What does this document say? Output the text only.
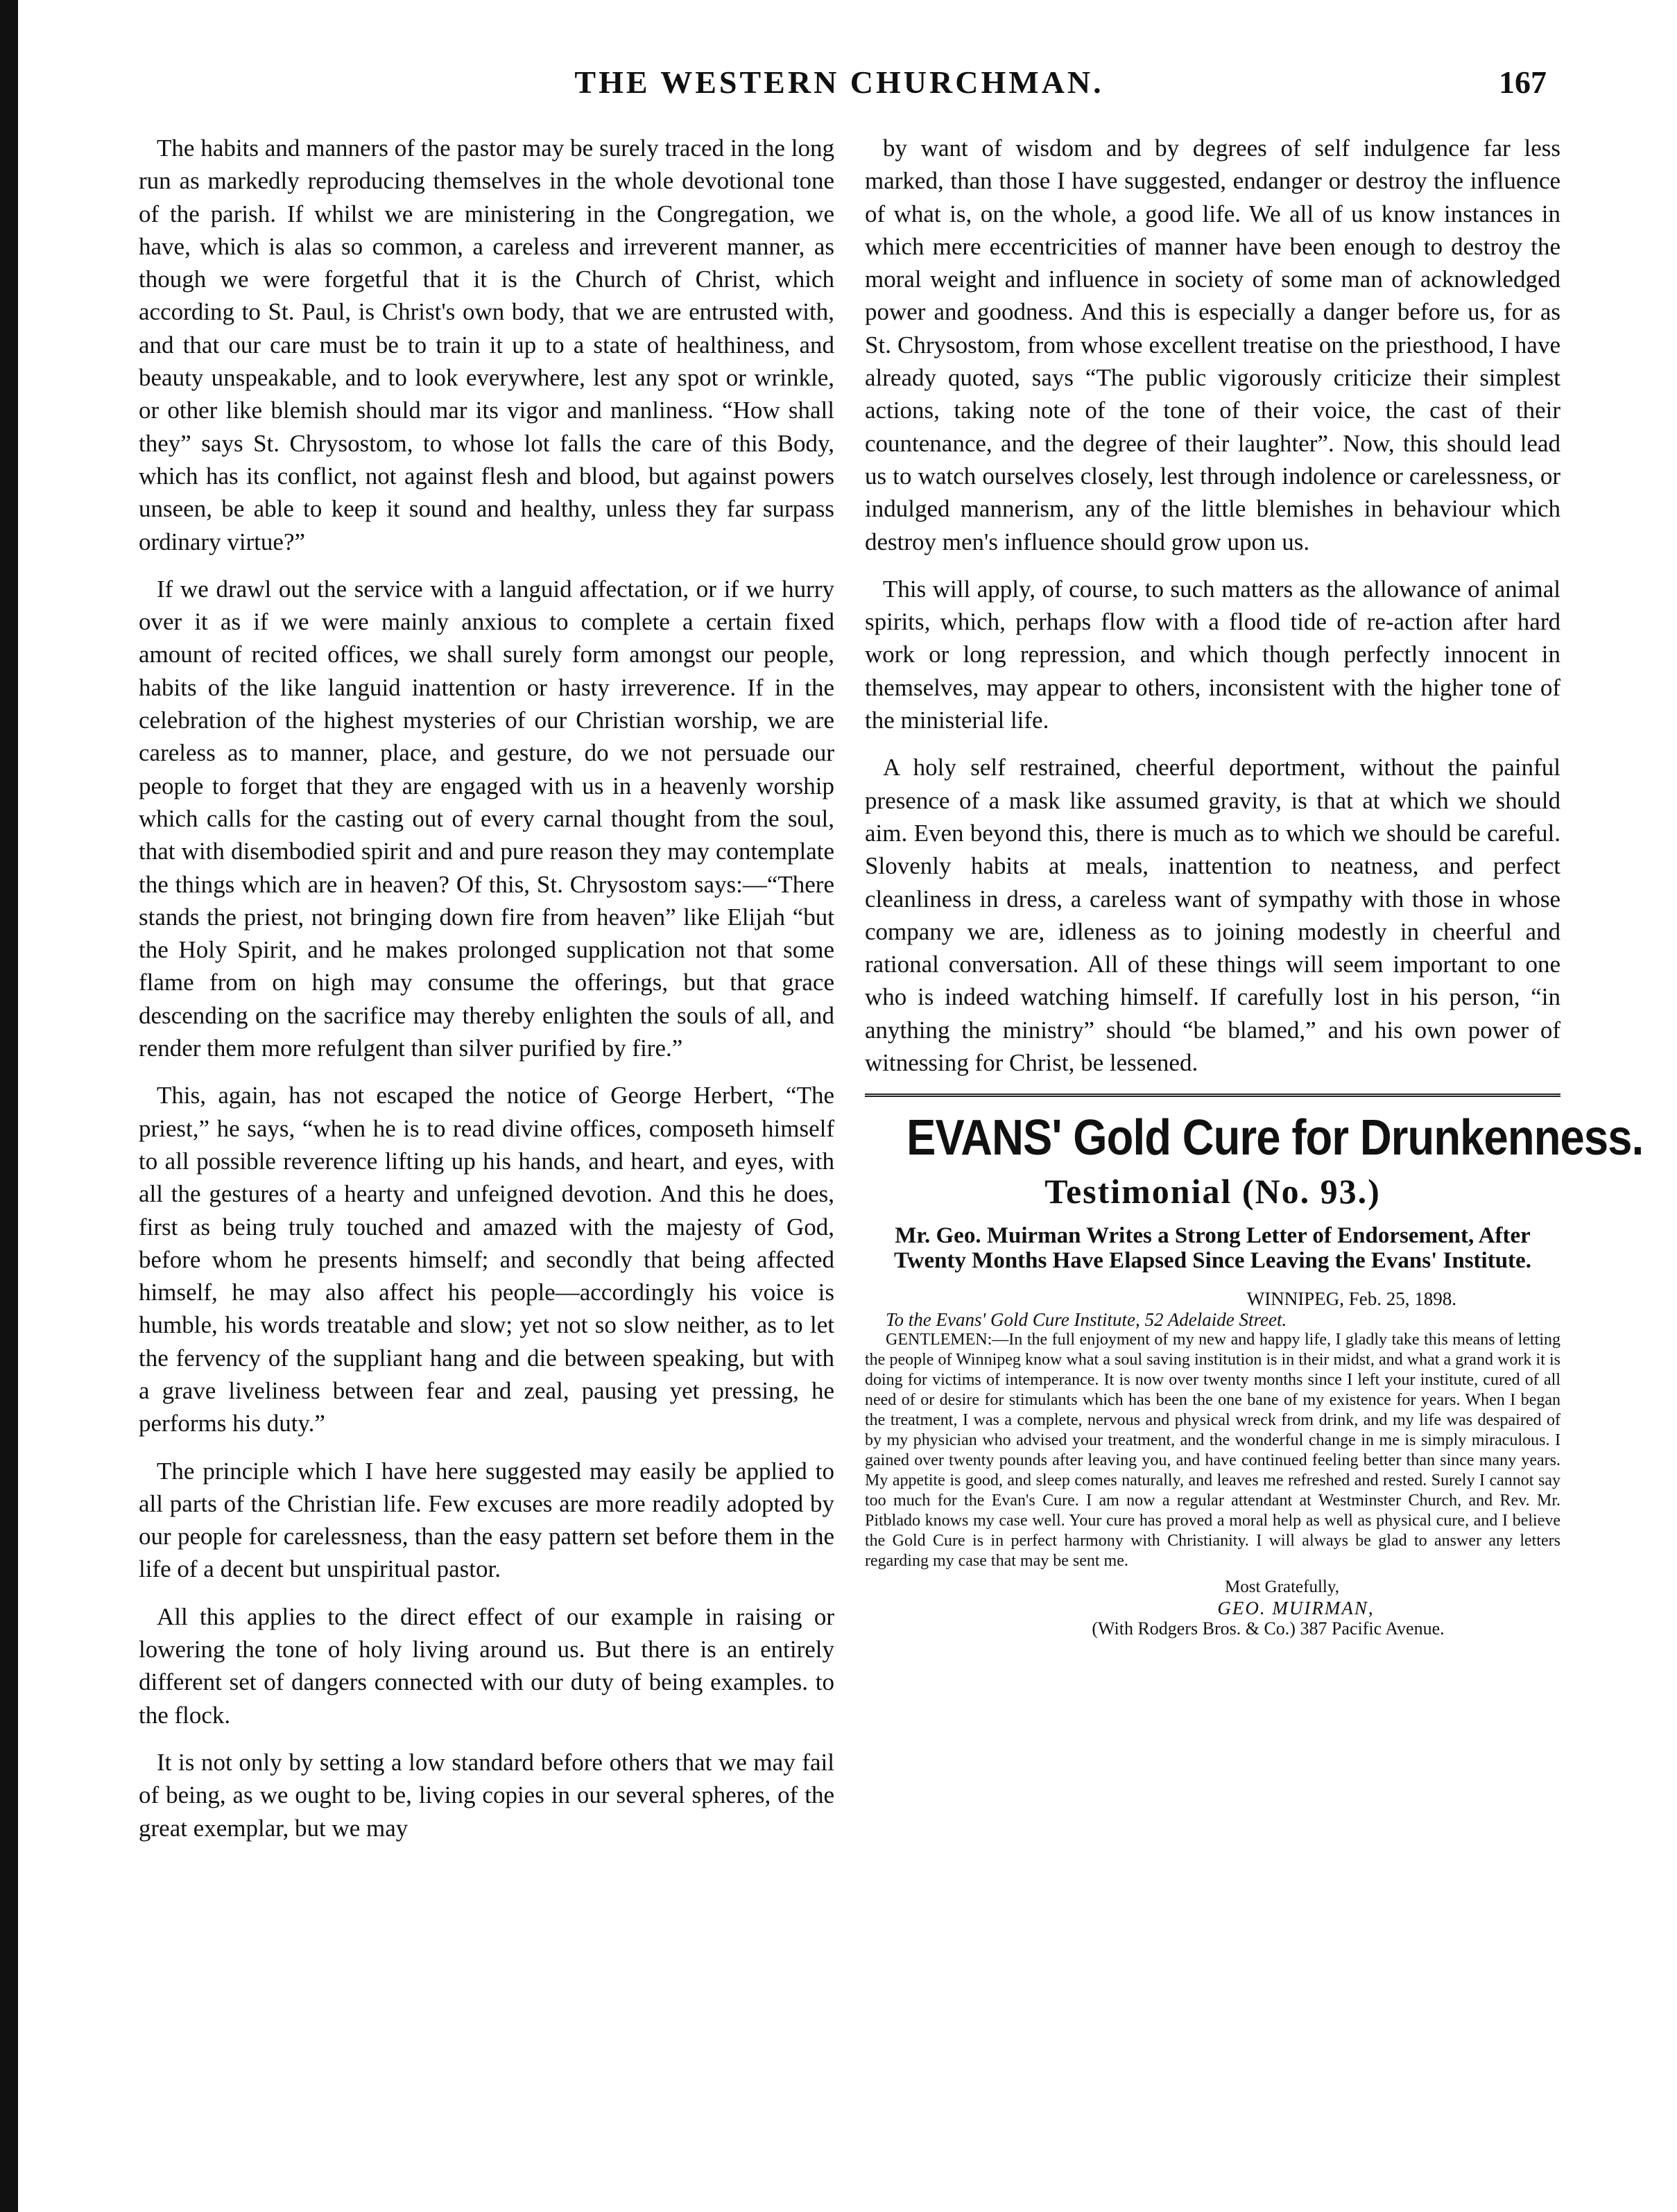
THE WESTERN CHURCHMAN.	167

The habits and manners of the pastor may be surely traced in the long run as markedly reproducing themselves in the whole devotional tone of the parish. If whilst we are ministering in the Congregation, we have, which is alas so common, a careless and irreverent manner, as though we were forgetful that it is the Church of Christ, which according to St. Paul, is Christ's own body, that we are entrusted with, and that our care must be to train it up to a state of healthiness, and beauty unspeakable, and to look everywhere, lest any spot or wrinkle, or other like blemish should mar its vigor and manliness. “How shall they” says St. Chrysostom, to whose lot falls the care of this Body, which has its conflict, not against flesh and blood, but against powers unseen, be able to keep it sound and healthy, unless they far surpass ordinary virtue?”

If we drawl out the service with a languid affectation, or if we hurry over it as if we were mainly anxious to complete a certain fixed amount of recited offices, we shall surely form amongst our people, habits of the like languid inattention or hasty irreverence. If in the celebration of the highest mysteries of our Christian worship, we are careless as to manner, place, and gesture, do we not persuade our people to forget that they are engaged with us in a heavenly worship which calls for the casting out of every carnal thought from the soul, that with disembodied spirit and and pure reason they may contemplate the things which are in heaven? Of this, St. Chrysostom says:—“There stands the priest, not bringing down fire from heaven” like Elijah “but the Holy Spirit, and he makes prolonged supplication not that some flame from on high may consume the offerings, but that grace descending on the sacrifice may thereby enlighten the souls of all, and render them more refulgent than silver purified by fire.”

This, again, has not escaped the notice of George Herbert, “The priest,” he says, “when he is to read divine offices, composeth himself to all possible reverence lifting up his hands, and heart, and eyes, with all the gestures of a hearty and unfeigned devotion. And this he does, first as being truly touched and amazed with the majesty of God, before whom he presents himself; and secondly that being affected himself, he may also affect his people—accordingly his voice is humble, his words treatable and slow; yet not so slow neither, as to let the fervency of the suppliant hang and die between speaking, but with a grave liveliness between fear and zeal, pausing yet pressing, he performs his duty.”

The principle which I have here suggested may easily be applied to all parts of the Christian life. Few excuses are more readily adopted by our people for carelessness, than the easy pattern set before them in the life of a decent but unspiritual pastor.

All this applies to the direct effect of our example in raising or lowering the tone of holy living around us. But there is an entirely different set of dangers connected with our duty of being examples. to the flock.

It is not only by setting a low standard before others that we may fail of being, as we ought to be, living copies in our several spheres, of the great exemplar, but we may

by want of wisdom and by degrees of self indulgence far less marked, than those I have suggested, endanger or destroy the influence of what is, on the whole, a good life. We all of us know instances in which mere eccentricities of manner have been enough to destroy the moral weight and influence in society of some man of acknowledged power and goodness. And this is especially a danger before us, for as St. Chrysostom, from whose excellent treatise on the priesthood, I have already quoted, says “The public vigorously criticize their simplest actions, taking note of the tone of their voice, the cast of their countenance, and the degree of their laughter”. Now, this should lead us to watch ourselves closely, lest through indolence or carelessness, or indulged mannerism, any of the little blemishes in behaviour which destroy men's influence should grow upon us.

This will apply, of course, to such matters as the allowance of animal spirits, which, perhaps flow with a flood tide of re-action after hard work or long repression, and which though perfectly innocent in themselves, may appear to others, inconsistent with the higher tone of the ministerial life.

A holy self restrained, cheerful deportment, without the painful presence of a mask like assumed gravity, is that at which we should aim. Even beyond this, there is much as to which we should be careful. Slovenly habits at meals, inattention to neatness, and perfect cleanliness in dress, a careless want of sympathy with those in whose company we are, idleness as to joining modestly in cheerful and rational conversation. All of these things will seem important to one who is indeed watching himself. If carefully lost in his person, “in anything the ministry” should “be blamed,” and his own power of witnessing for Christ, be lessened.

EVANS' Gold Cure for Drunkenness.
Testimonial (No. 93.)
Mr. Geo. Muirman Writes a Strong Letter of Endorsement, After Twenty Months Have Elapsed Since Leaving the Evans' Institute.
WINNIPEG, Feb. 25, 1898.
To the Evans' Gold Cure Institute, 52 Adelaide Street.

GENTLEMEN:—In the full enjoyment of my new and happy life, I gladly take this means of letting the people of Winnipeg know what a soul saving institution is in their midst, and what a grand work it is doing for victims of intemperance. It is now over twenty months since I left your institute, cured of all need of or desire for stimulants which has been the one bane of my existence for years. When I began the treatment, I was a complete, nervous and physical wreck from drink, and my life was despaired of by my physician who advised your treatment, and the wonderful change in me is simply miraculous. I gained over twenty pounds after leaving you, and have continued feeling better than since many years. My appetite is good, and sleep comes naturally, and leaves me refreshed and rested. Surely I cannot say too much for the Evan's Cure. I am now a regular attendant at Westminster Church, and Rev. Mr. Pitblado knows my case well. Your cure has proved a moral help as well as physical cure, and I believe the Gold Cure is in perfect harmony with Christianity. I will always be glad to answer any letters regarding my case that may be sent me.

Most Gratefully,
GEO. MUIRMAN,
(With Rodgers Bros. & Co.) 387 Pacific Avenue.
